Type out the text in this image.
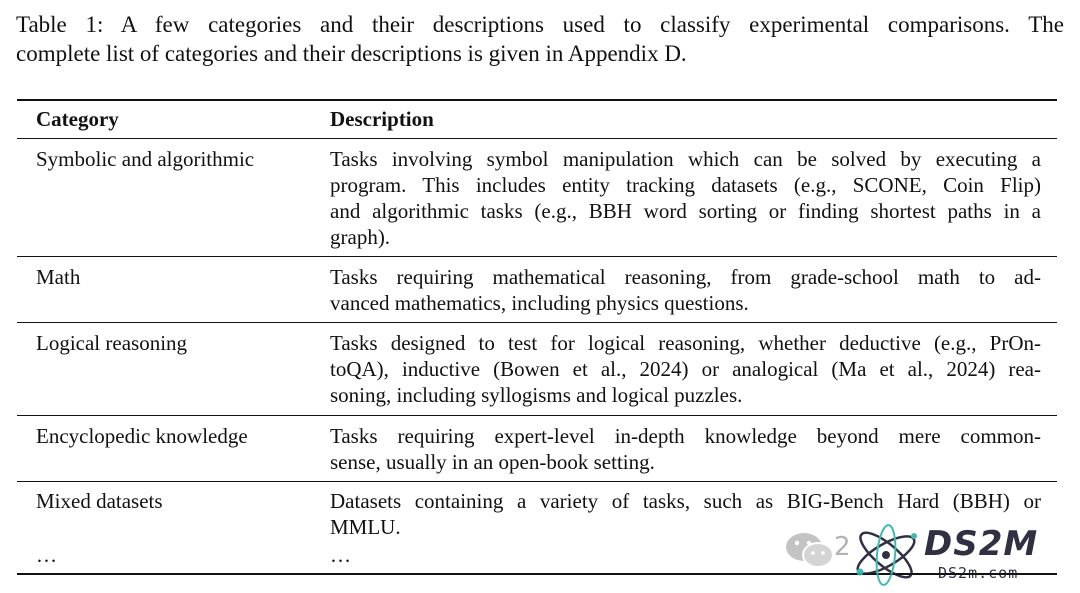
Table 1: A few categories and their descriptions used to classify experimental comparisons. The
complete list of categories and their descriptions is given in Appendix D.

Category	Description
Symbolic and algorithmic	Tasks involving symbol manipulation which can be solved by executing a
program. This includes entity tracking datasets (e.g., SCONE, Coin Flip)
and algorithmic tasks (e.g., BBH word sorting or finding shortest paths in a
graph).
Math	Tasks requiring mathematical reasoning, from grade-school math to ad-
vanced mathematics, including physics questions.
Logical reasoning	Tasks designed to test for logical reasoning, whether deductive (e.g., PrOn-
toQA), inductive (Bowen et al., 2024) or analogical (Ma et al., 2024) rea-
soning, including syllogisms and logical puzzles.
Encyclopedic knowledge	Tasks requiring expert-level in-depth knowledge beyond mere common-
sense, usually in an open-book setting.
Mixed datasets	Datasets containing a variety of tasks, such as BIG-Bench Hard (BBH) or
MMLU.
…	…	2 DS2M
DS2m.com
